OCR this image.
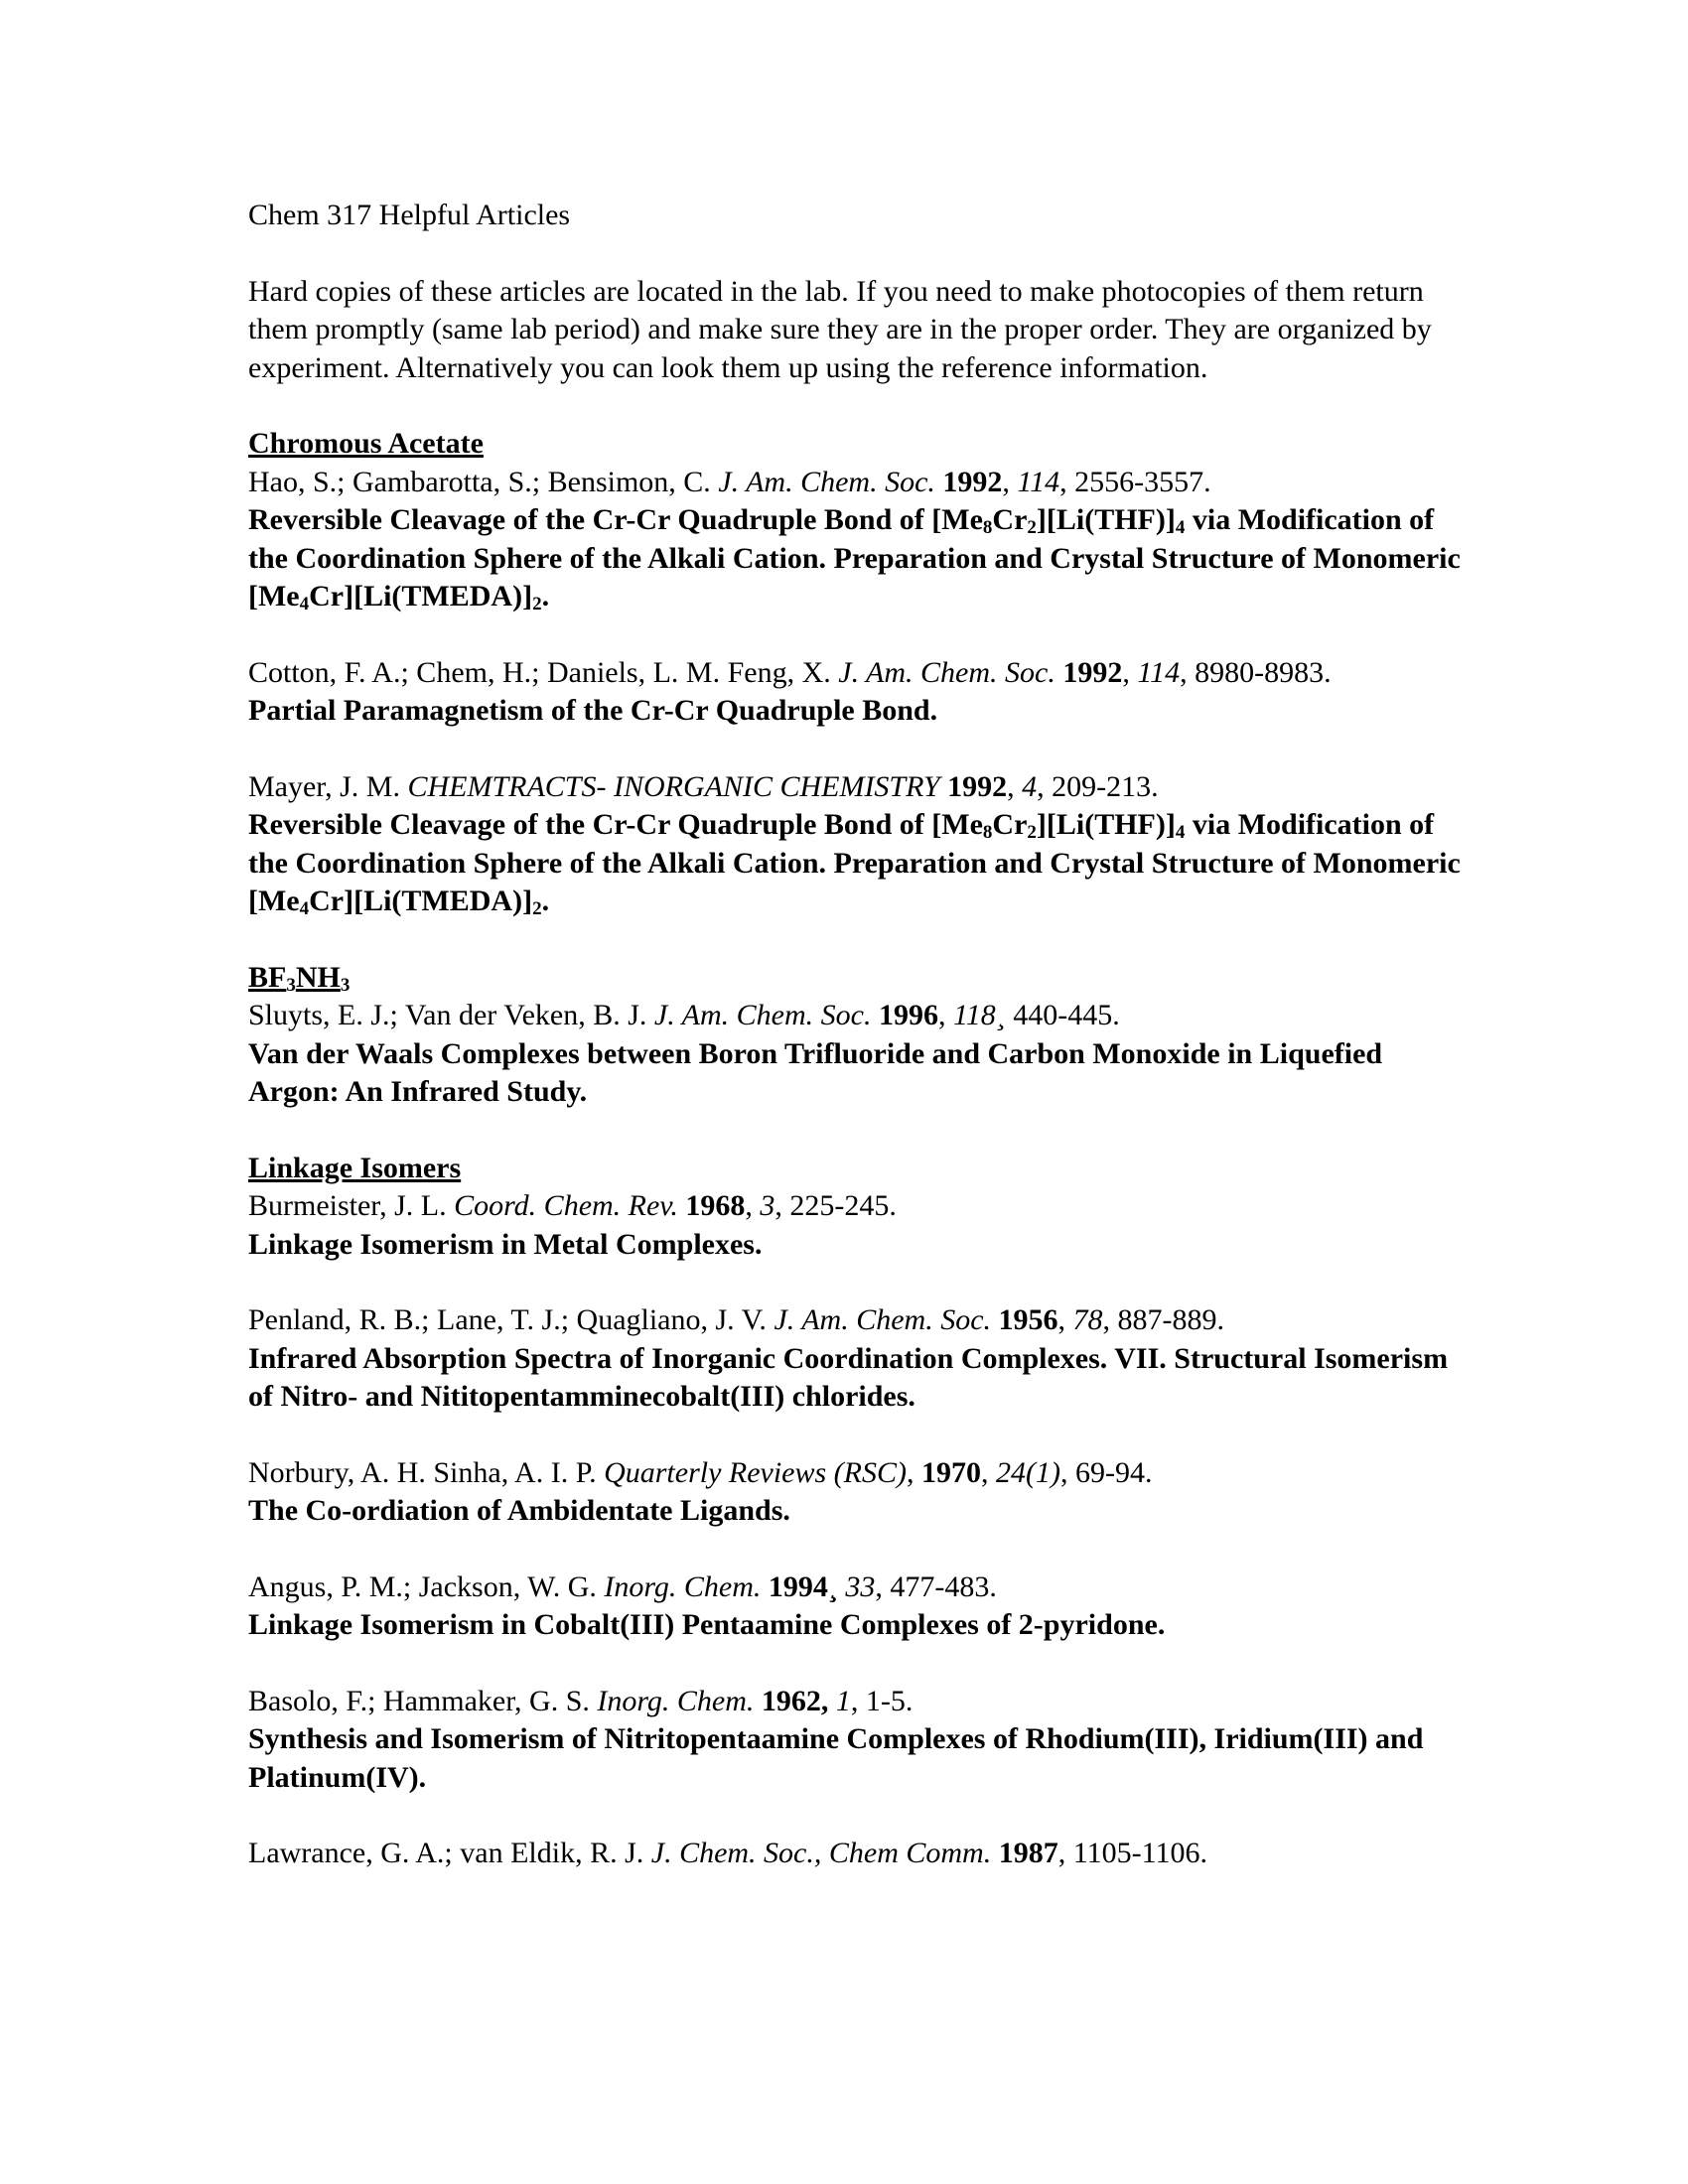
Chem 317 Helpful Articles
Hard copies of these articles are located in the lab. If you need to make photocopies of them return them promptly (same lab period) and make sure they are in the proper order. They are organized by experiment. Alternatively you can look them up using the reference information.
Chromous Acetate
Hao, S.; Gambarotta, S.; Bensimon, C. J. Am. Chem. Soc. 1992, 114, 2556-3557.
Reversible Cleavage of the Cr-Cr Quadruple Bond of $[Me_8Cr_2][Li(THF)]_4$ via Modification of the Coordination Sphere of the Alkali Cation. Preparation and Crystal Structure of Monomeric $[Me_4Cr][Li(TMEDA)]_2$.
Cotton, F. A.; Chem, H.; Daniels, L. M. Feng, X. J. Am. Chem. Soc. 1992, 114, 8980-8983.
Partial Paramagnetism of the Cr-Cr Quadruple Bond.
Mayer, J. M. CHEMTRACTS- INORGANIC CHEMISTRY 1992, 4, 209-213.
Reversible Cleavage of the Cr-Cr Quadruple Bond of $[Me_8Cr_2][Li(THF)]_4$ via Modification of the Coordination Sphere of the Alkali Cation. Preparation and Crystal Structure of Monomeric $[Me_4Cr][Li(TMEDA)]_2$.
$BF_3NH_3$
Sluyts, E. J.; Van der Veken, B. J. J. Am. Chem. Soc. 1996, 118¸ 440-445.
Van der Waals Complexes between Boron Trifluoride and Carbon Monoxide in Liquefied Argon: An Infrared Study.
Linkage Isomers
Burmeister, J. L. Coord. Chem. Rev. 1968, 3, 225-245.
Linkage Isomerism in Metal Complexes.
Penland, R. B.; Lane, T. J.; Quagliano, J. V. J. Am. Chem. Soc. 1956, 78, 887-889.
Infrared Absorption Spectra of Inorganic Coordination Complexes. VII. Structural Isomerism of Nitro- and Nititopentamminecobalt(III) chlorides.
Norbury, A. H. Sinha, A. I. P. Quarterly Reviews (RSC), 1970, 24(1), 69-94.
The Co-ordiation of Ambidentate Ligands.
Angus, P. M.; Jackson, W. G. Inorg. Chem. 1994¸ 33, 477-483.
Linkage Isomerism in Cobalt(III) Pentaamine Complexes of 2-pyridone.
Basolo, F.; Hammaker, G. S. Inorg. Chem. 1962, 1, 1-5.
Synthesis and Isomerism of Nitritopentaamine Complexes of Rhodium(III), Iridium(III) and Platinum(IV).
Lawrance, G. A.; van Eldik, R. J. J. Chem. Soc., Chem Comm. 1987, 1105-1106.
